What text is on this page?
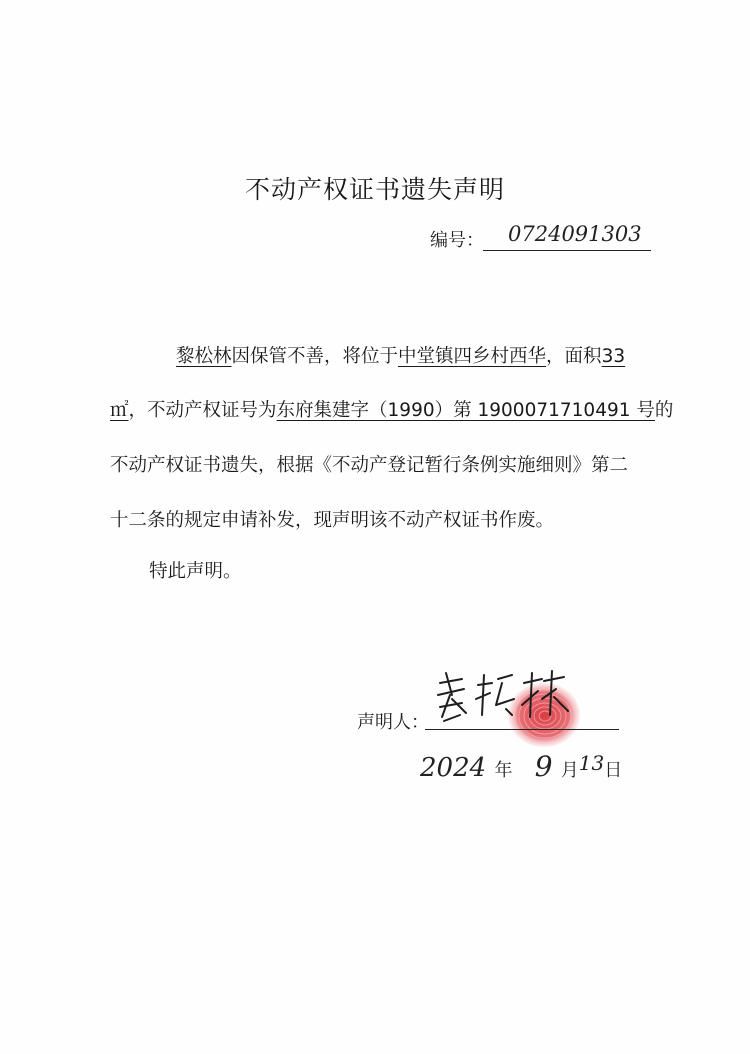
不动产权证书遗失声明
编号： 0724091303
黎松林因保管不善，将位于中堂镇四乡村西华，面积33
㎡，不动产权证号为东府集建字（1990）第 1900071710491 号的
不动产权证书遗失，根据《不动产登记暂行条例实施细则》第二
十二条的规定申请补发，现声明该不动产权证书作废。
特此声明。
声明人：
2024 年 9 月$^{13}$日
